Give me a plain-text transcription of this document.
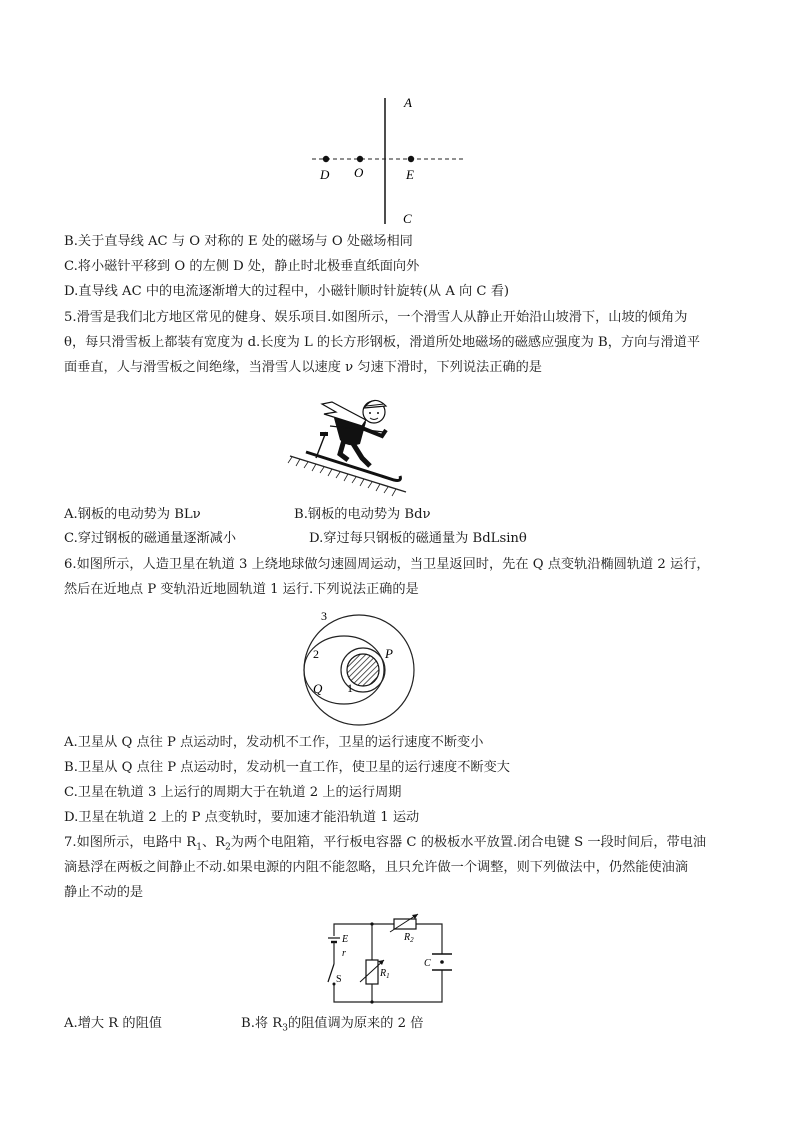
A
D O	E
C
B.关于直导线 AC 与 O 对称的 E 处的磁场与 O 处磁场相同
C.将小磁针平移到 O 的左侧 D 处，静止时北极垂直纸面向外
D.直导线 AC 中的电流逐渐增大的过程中，小磁针顺时针旋转(从 A 向 C 看)
5.滑雪是我们北方地区常见的健身、娱乐项目.如图所示，一个滑雪人从静止开始沿山坡滑下，山坡的倾角为
θ，每只滑雪板上都装有宽度为 d.长度为 L 的长方形钢板，滑道所处地磁场的磁感应强度为 B，方向与滑道平
面垂直，人与滑雪板之间绝缘，当滑雪人以速度 ν 匀速下滑时，下列说法正确的是
A.钢板的电动势为 BLν	B.钢板的电动势为 Bdν
C.穿过钢板的磁通量逐渐减小	D.穿过每只钢板的磁通量为 BdLsinθ
6.如图所示，人造卫星在轨道 3 上绕地球做匀速圆周运动，当卫星返回时，先在 Q 点变轨沿椭圆轨道 2 运行，
然后在近地点 P 变轨沿近地圆轨道 1 运行.下列说法正确的是
3
2
1
P
Q
A.卫星从 Q 点往 P 点运动时，发动机不工作，卫星的运行速度不断变小
B.卫星从 Q 点往 P 点运动时，发动机一直工作，使卫星的运行速度不断变大
C.卫星在轨道 3 上运行的周期大于在轨道 2 上的运行周期
D.卫星在轨道 2 上的 P 点变轨时，要加速才能沿轨道 1 运动
7.如图所示，电路中 $R_1$、$R_2$为两个电阻箱，平行板电容器 C 的极板水平放置.闭合电键 S 一段时间后，带电油
滴悬浮在两板之间静止不动.如果电源的内阻不能忽略，且只允许做一个调整，则下列做法中，仍然能使油滴
静止不动的是
E
r
S
$R_1$
$R_2$
C
A.增大 R 的阻值	B.将 $R_3$的阻值调为原来的 2 倍
